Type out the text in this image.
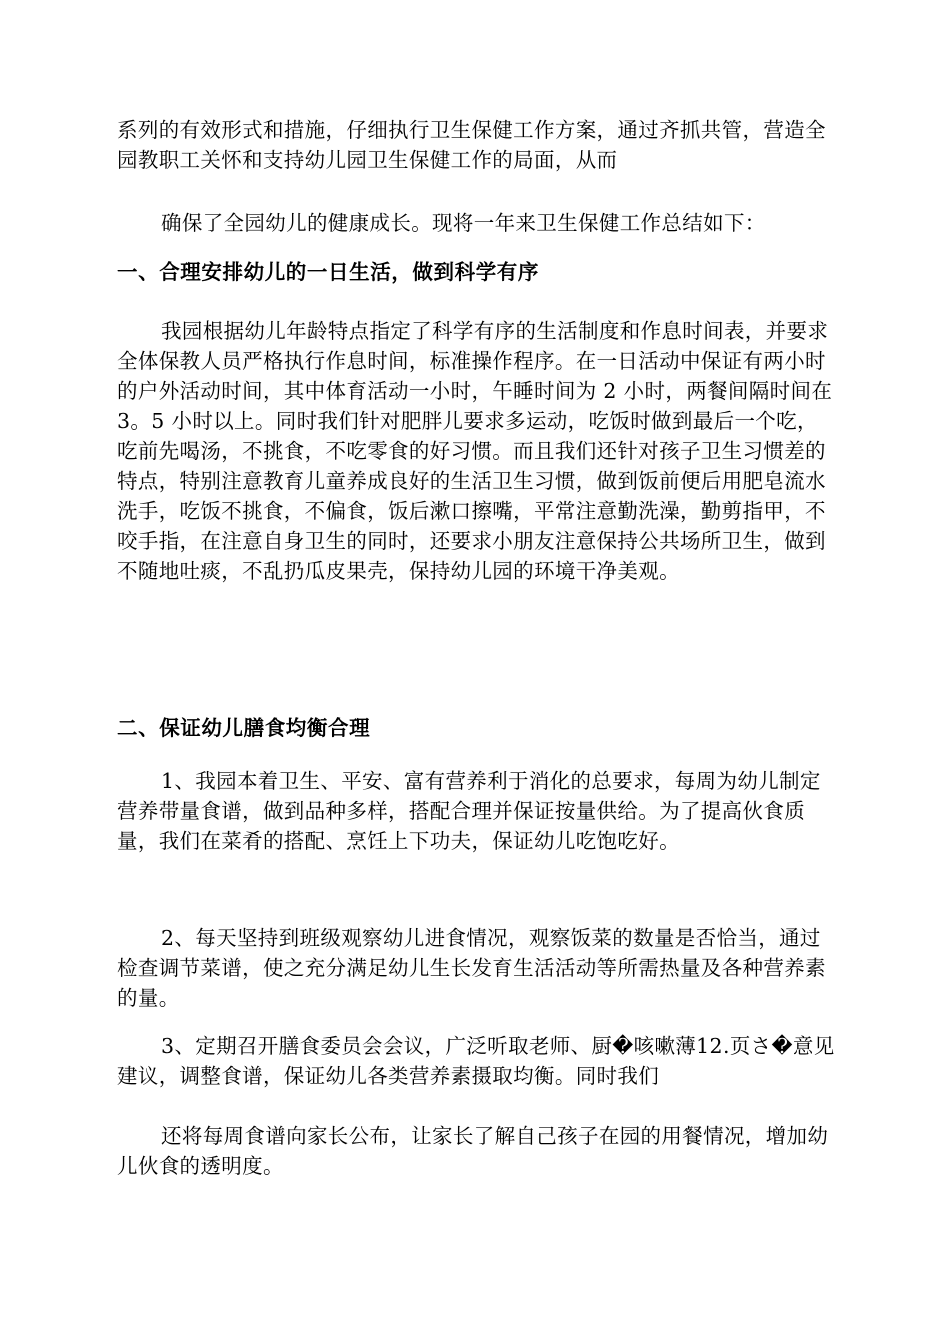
系列的有效形式和措施，仔细执行卫生保健工作方案，通过齐抓共管，营造全园教职工关怀和支持幼儿园卫生保健工作的局面，从而

确保了全园幼儿的健康成长。现将一年来卫生保健工作总结如下：

一、合理安排幼儿的一日生活，做到科学有序

我园根据幼儿年龄特点指定了科学有序的生活制度和作息时间表，并要求全体保教人员严格执行作息时间，标准操作程序。在一日活动中保证有两小时的户外活动时间，其中体育活动一小时，午睡时间为 2 小时，两餐间隔时间在 3。5 小时以上。同时我们针对肥胖儿要求多运动，吃饭时做到最后一个吃，吃前先喝汤，不挑食，不吃零食的好习惯。而且我们还针对孩子卫生习惯差的特点，特别注意教育儿童养成良好的生活卫生习惯，做到饭前便后用肥皂流水洗手，吃饭不挑食，不偏食，饭后漱口擦嘴，平常注意勤洗澡，勤剪指甲，不咬手指，在注意自身卫生的同时，还要求小朋友注意保持公共场所卫生，做到不随地吐痰，不乱扔瓜皮果壳，保持幼儿园的环境干净美观。

二、保证幼儿膳食均衡合理

1、我园本着卫生、平安、富有营养利于消化的总要求，每周为幼儿制定营养带量食谱，做到品种多样，搭配合理并保证按量供给。为了提高伙食质量，我们在菜肴的搭配、烹饪上下功夫，保证幼儿吃饱吃好。

2、每天坚持到班级观察幼儿进食情况，观察饭菜的数量是否恰当，通过检查调节菜谱，使之充分满足幼儿生长发育生活活动等所需热量及各种营养素的量。

3、定期召开膳食委员会会议，广泛听取老师、厨�咳嗽薄12.页さ�意见建议，调整食谱，保证幼儿各类营养素摄取均衡。同时我们

还将每周食谱向家长公布，让家长了解自己孩子在园的用餐情况，增加幼儿伙食的透明度。
